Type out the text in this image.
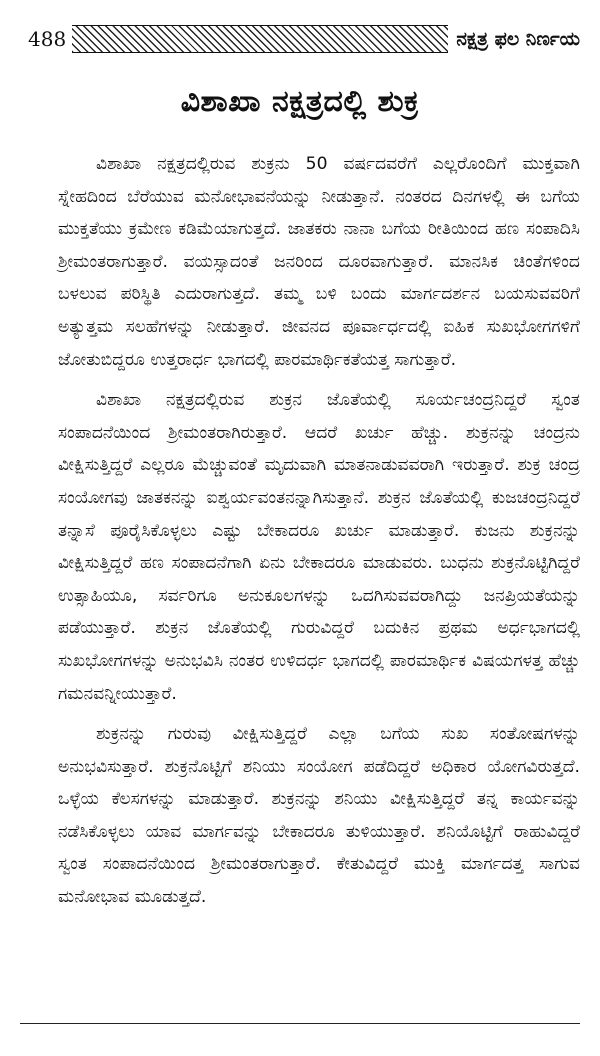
488	ನಕ್ಷತ್ರ ಫಲ ನಿರ್ಣಯ
ವಿಶಾಖಾ ನಕ್ಷತ್ರದಲ್ಲಿ ಶುಕ್ರ

ವಿಶಾಖಾ ನಕ್ಷತ್ರದಲ್ಲಿರುವ ಶುಕ್ರನು 50 ವರ್ಷದವರೆಗೆ ಎಲ್ಲರೊಂದಿಗೆ ಮುಕ್ತವಾಗಿ ಸ್ನೇಹದಿಂದ ಬೆರೆಯುವ ಮನೋಭಾವನೆಯನ್ನು ನೀಡುತ್ತಾನೆ. ನಂತರದ ದಿನಗಳಲ್ಲಿ ಈ ಬಗೆಯ ಮುಕ್ತತೆಯು ಕ್ರಮೇಣ ಕಡಿಮೆಯಾಗುತ್ತದೆ. ಜಾತಕರು ನಾನಾ ಬಗೆಯ ರೀತಿಯಿಂದ ಹಣ ಸಂಪಾದಿಸಿ ಶ್ರೀಮಂತರಾಗುತ್ತಾರೆ. ವಯಸ್ಸಾದಂತೆ ಜನರಿಂದ ದೂರವಾಗುತ್ತಾರೆ. ಮಾನಸಿಕ ಚಿಂತೆಗಳಿಂದ ಬಳಲುವ ಪರಿಸ್ಥಿತಿ ಎದುರಾಗುತ್ತದೆ. ತಮ್ಮ ಬಳಿ ಬಂದು ಮಾರ್ಗದರ್ಶನ ಬಯಸುವವರಿಗೆ ಅತ್ಯುತ್ತಮ ಸಲಹೆಗಳನ್ನು ನೀಡುತ್ತಾರೆ. ಜೀವನದ ಪೂರ್ವಾರ್ಧದಲ್ಲಿ ಐಹಿಕ ಸುಖಭೋಗಗಳಿಗೆ ಜೋತುಬಿದ್ದರೂ ಉತ್ತರಾರ್ಧ ಭಾಗದಲ್ಲಿ ಪಾರಮಾರ್ಥಿಕತೆಯತ್ತ ಸಾಗುತ್ತಾರೆ.

ವಿಶಾಖಾ ನಕ್ಷತ್ರದಲ್ಲಿರುವ ಶುಕ್ರನ ಜೊತೆಯಲ್ಲಿ ಸೂರ್ಯಚಂದ್ರನಿದ್ದರೆ ಸ್ವಂತ ಸಂಪಾದನೆಯಿಂದ ಶ್ರೀಮಂತರಾಗಿರುತ್ತಾರೆ. ಆದರೆ ಖರ್ಚು ಹೆಚ್ಚು. ಶುಕ್ರನನ್ನು ಚಂದ್ರನು ವೀಕ್ಷಿಸುತ್ತಿದ್ದರೆ ಎಲ್ಲರೂ ಮೆಚ್ಚುವಂತೆ ಮೃದುವಾಗಿ ಮಾತನಾಡುವವರಾಗಿ ಇರುತ್ತಾರೆ. ಶುಕ್ರ ಚಂದ್ರ ಸಂಯೋಗವು ಜಾತಕನನ್ನು ಐಶ್ವರ್ಯವಂತನನ್ನಾಗಿಸುತ್ತಾನೆ. ಶುಕ್ರನ ಜೊತೆಯಲ್ಲಿ ಕುಜಚಂದ್ರನಿದ್ದರೆ ತನ್ನಾಸೆ ಪೂರೈಸಿಕೊಳ್ಳಲು ಎಷ್ಟು ಬೇಕಾದರೂ ಖರ್ಚು ಮಾಡುತ್ತಾರೆ. ಕುಜನು ಶುಕ್ರನನ್ನು ವೀಕ್ಷಿಸುತ್ತಿದ್ದರೆ ಹಣ ಸಂಪಾದನೆಗಾಗಿ ಏನು ಬೇಕಾದರೂ ಮಾಡುವರು. ಬುಧನು ಶುಕ್ರನೊಟ್ಟಿಗಿದ್ದರೆ ಉತ್ಸಾಹಿಯೂ, ಸರ್ವರಿಗೂ ಅನುಕೂಲಗಳನ್ನು ಒದಗಿಸುವವರಾಗಿದ್ದು ಜನಪ್ರಿಯತೆಯನ್ನು ಪಡೆಯುತ್ತಾರೆ. ಶುಕ್ರನ ಜೊತೆಯಲ್ಲಿ ಗುರುವಿದ್ದರೆ ಬದುಕಿನ ಪ್ರಥಮ ಅರ್ಧಭಾಗದಲ್ಲಿ ಸುಖಭೋಗಗಳನ್ನು ಅನುಭವಿಸಿ ನಂತರ ಉಳಿದರ್ಧ ಭಾಗದಲ್ಲಿ ಪಾರಮಾರ್ಥಿಕ ವಿಷಯಗಳತ್ತ ಹೆಚ್ಚು ಗಮನವನ್ನೀಯುತ್ತಾರೆ.

ಶುಕ್ರನನ್ನು ಗುರುವು ವೀಕ್ಷಿಸುತ್ತಿದ್ದರೆ ಎಲ್ಲಾ ಬಗೆಯ ಸುಖ ಸಂತೋಷಗಳನ್ನು ಅನುಭವಿಸುತ್ತಾರೆ. ಶುಕ್ರನೊಟ್ಟಿಗೆ ಶನಿಯು ಸಂಯೋಗ ಪಡೆದಿದ್ದರೆ ಅಧಿಕಾರ ಯೋಗವಿರುತ್ತದೆ. ಒಳ್ಳೆಯ ಕೆಲಸಗಳನ್ನು ಮಾಡುತ್ತಾರೆ. ಶುಕ್ರನನ್ನು ಶನಿಯು ವೀಕ್ಷಿಸುತ್ತಿದ್ದರೆ ತನ್ನ ಕಾರ್ಯವನ್ನು ನಡೆಸಿಕೊಳ್ಳಲು ಯಾವ ಮಾರ್ಗವನ್ನು ಬೇಕಾದರೂ ತುಳಿಯುತ್ತಾರೆ. ಶನಿಯೊಟ್ಟಿಗೆ ರಾಹುವಿದ್ದರೆ ಸ್ವಂತ ಸಂಪಾದನೆಯಿಂದ ಶ್ರೀಮಂತರಾಗುತ್ತಾರೆ. ಕೇತುವಿದ್ದರೆ ಮುಕ್ತಿ ಮಾರ್ಗದತ್ತ ಸಾಗುವ ಮನೋಭಾವ ಮೂಡುತ್ತದೆ.
